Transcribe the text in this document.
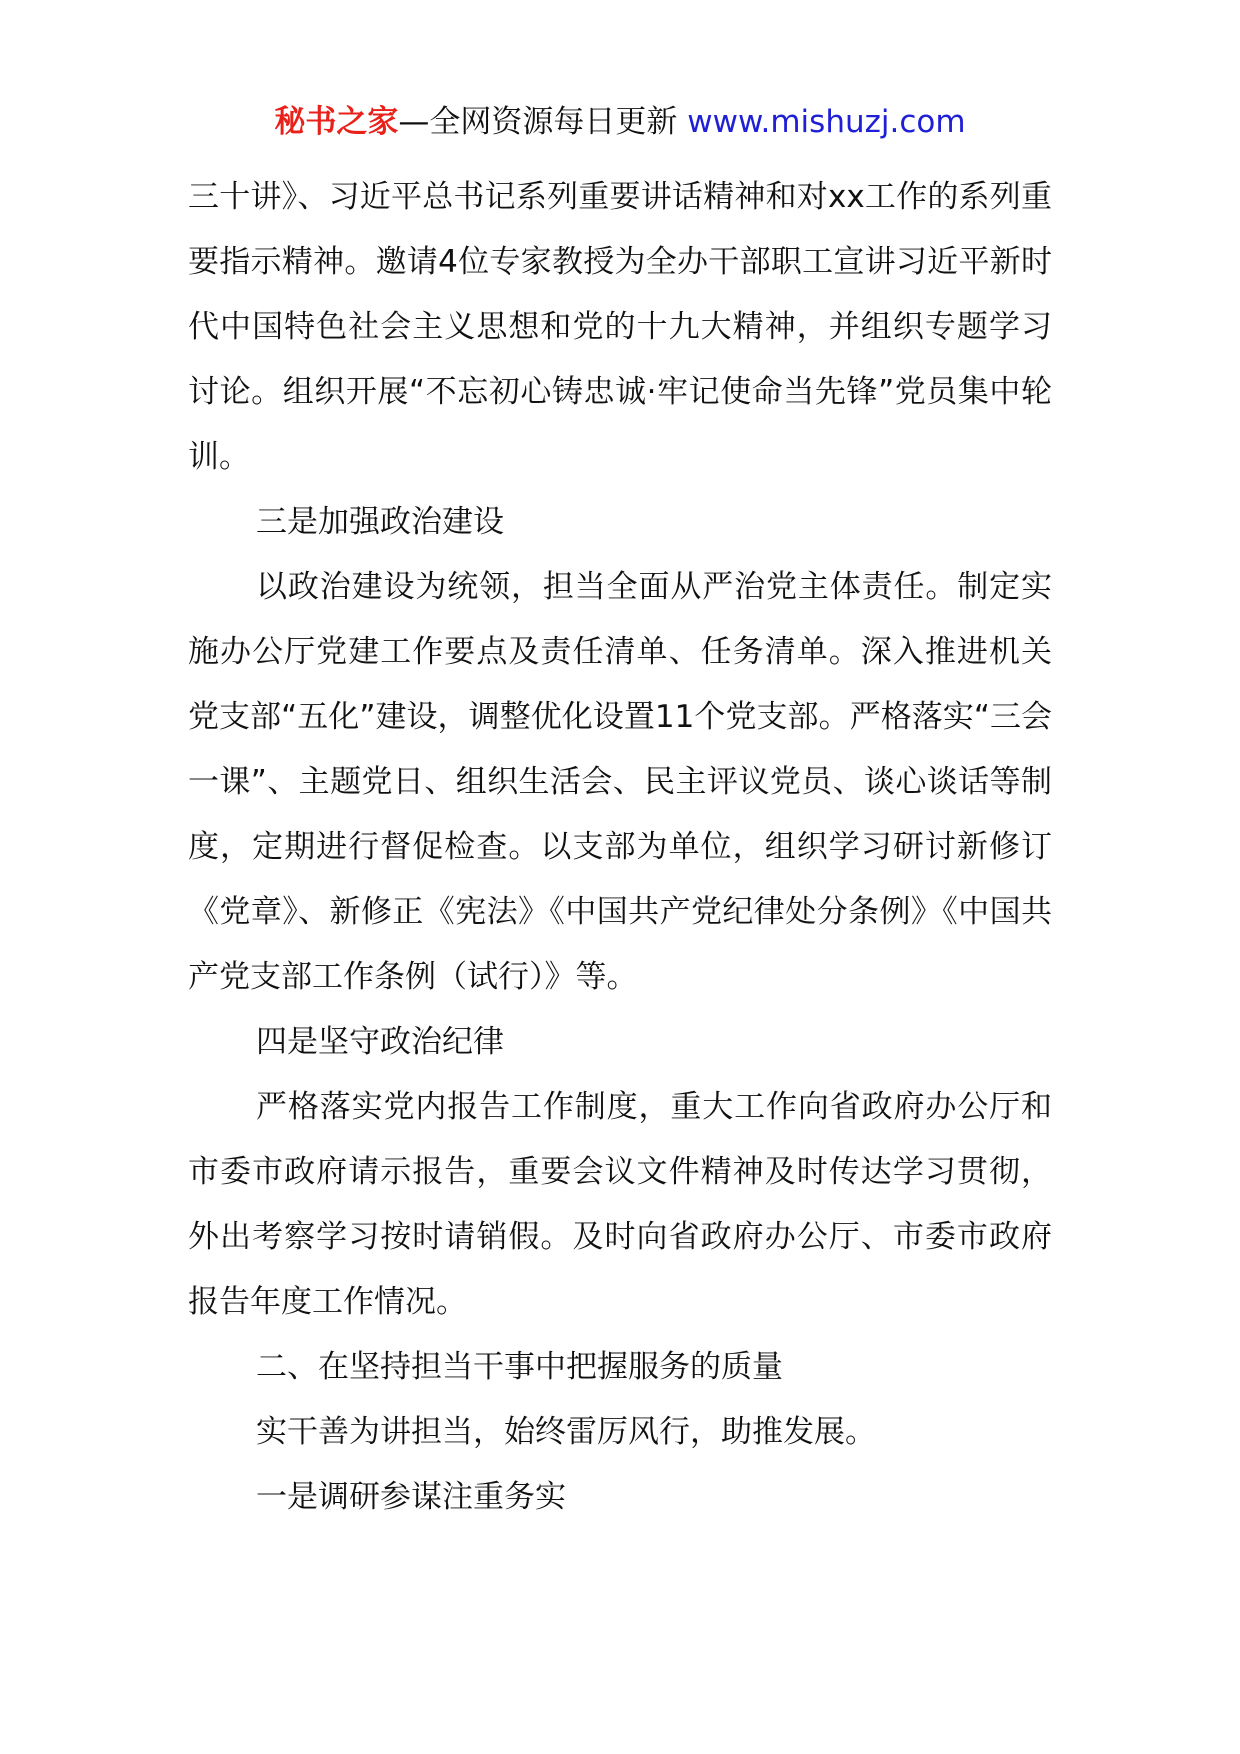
秘书之家—全网资源每日更新 www.mishuzj.com

三十讲》、习近平总书记系列重要讲话精神和对xx工作的系列重要指示精神。邀请4位专家教授为全办干部职工宣讲习近平新时代中国特色社会主义思想和党的十九大精神，并组织专题学习讨论。组织开展“不忘初心铸忠诚·牢记使命当先锋”党员集中轮训。

三是加强政治建设

以政治建设为统领，担当全面从严治党主体责任。制定实施办公厅党建工作要点及责任清单、任务清单。深入推进机关党支部“五化”建设，调整优化设置11个党支部。严格落实“三会一课”、主题党日、组织生活会、民主评议党员、谈心谈话等制度，定期进行督促检查。以支部为单位，组织学习研讨新修订《党章》、新修正《宪法》《中国共产党纪律处分条例》《中国共产党支部工作条例（试行）》等。

四是坚守政治纪律

严格落实党内报告工作制度，重大工作向省政府办公厅和市委市政府请示报告，重要会议文件精神及时传达学习贯彻，外出考察学习按时请销假。及时向省政府办公厅、市委市政府报告年度工作情况。

二、在坚持担当干事中把握服务的质量

实干善为讲担当，始终雷厉风行，助推发展。

一是调研参谋注重务实
